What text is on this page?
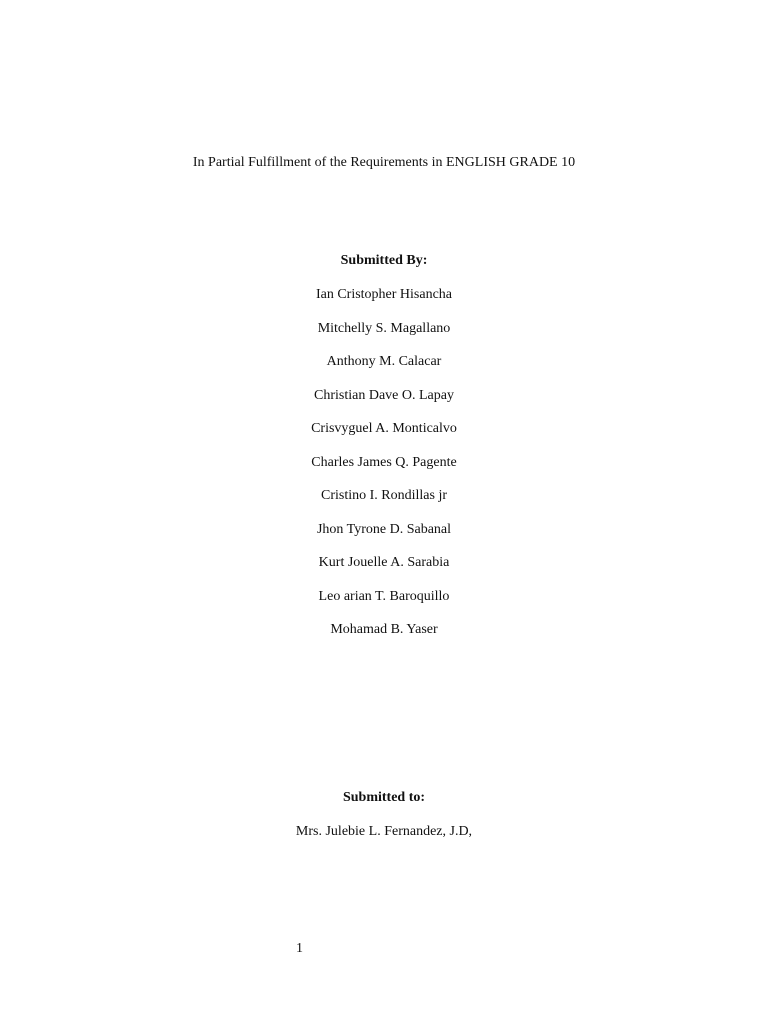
In Partial Fulfillment of the Requirements in ENGLISH GRADE 10
Submitted By:
Ian Cristopher Hisancha
Mitchelly S. Magallano
Anthony M. Calacar
Christian Dave O. Lapay
Crisvyguel A. Monticalvo
Charles James Q. Pagente
Cristino I. Rondillas jr
Jhon Tyrone D. Sabanal
Kurt Jouelle A. Sarabia
Leo arian T. Baroquillo
Mohamad B. Yaser
Submitted to:
Mrs. Julebie L. Fernandez, J.D,
1
